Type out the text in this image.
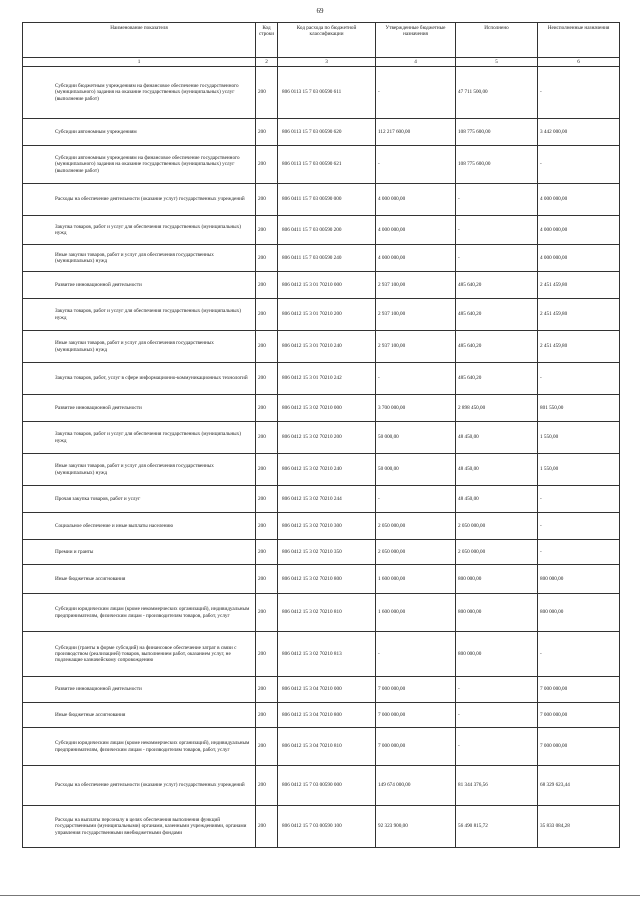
69
Наименование показателя	Код строки	Код расхода по бюджетной классификации	Утвержденные бюджетные назначения	Исполнено	Неисполненные назначения
1	2	3	4	5	6
Субсидии бюджетным учреждениям на финансовое обеспечение государственного (муниципального) задания на оказание государственных (муниципальных) услуг (выполнение работ)	200	806 0113 15 7 03 00590 611	-	47 711 500,00	-
Субсидии автономным учреждениям	200	806 0113 15 7 03 00590 620	112 217 600,00	108 775 600,00	3 442 000,00
Субсидии автономным учреждениям на финансовое обеспечение государственного (муниципального) задания на оказание государственных (муниципальных) услуг (выполнение работ)	200	806 0113 15 7 03 00590 621	-	108 775 600,00	-
Расходы на обеспечение деятельности (оказание услуг) государственных учреждений	200	806 0411 15 7 03 00590 000	4 000 000,00	-	4 000 000,00
Закупка товаров, работ и услуг для обеспечения государственных (муниципальных) нужд	200	806 0411 15 7 03 00590 200	4 000 000,00	-	4 000 000,00
Иные закупки товаров, работ и услуг для обеспечения государственных (муниципальных) нужд	200	806 0411 15 7 03 00590 240	4 000 000,00	-	4 000 000,00
Развитие инновационной деятельности	200	806 0412 15 3 01 70210 000	2 937 100,00	485 640,20	2 451 459,80
Закупка товаров, работ и услуг для обеспечения государственных (муниципальных) нужд	200	806 0412 15 3 01 70210 200	2 937 100,00	485 640,20	2 451 459,80
Иные закупки товаров, работ и услуг для обеспечения государственных (муниципальных) нужд	200	806 0412 15 3 01 70210 240	2 937 100,00	485 640,20	2 451 459,80
Закупка товаров, работ, услуг в сфере информационно-коммуникационных технологий	200	806 0412 15 3 01 70210 242	-	485 640,20	-
Развитие инновационной деятельности	200	806 0412 15 3 02 70210 000	3 700 000,00	2 898 450,00	801 550,00
Закупка товаров, работ и услуг для обеспечения государственных (муниципальных) нужд	200	806 0412 15 3 02 70210 200	50 000,00	48 450,00	1 550,00
Иные закупки товаров, работ и услуг для обеспечения государственных (муниципальных) нужд	200	806 0412 15 3 02 70210 240	50 000,00	48 450,00	1 550,00
Прочая закупка товаров, работ и услуг	200	806 0412 15 3 02 70210 244	-	48 450,00	-
Социальное обеспечение и иные выплаты населению	200	806 0412 15 3 02 70210 300	2 050 000,00	2 050 000,00	-
Премии и гранты	200	806 0412 15 3 02 70210 350	2 050 000,00	2 050 000,00	-
Иные бюджетные ассигнования	200	806 0412 15 3 02 70210 800	1 600 000,00	800 000,00	800 000,00
Субсидии юридическим лицам (кроме некоммерческих организаций), индивидуальным предпринимателям, физическим лицам - производителям товаров, работ, услуг	200	806 0412 15 3 02 70210 810	1 600 000,00	800 000,00	800 000,00
Субсидии (гранты в форме субсидий) на финансовое обеспечение затрат в связи с производством (реализацией) товаров, выполнением работ, оказанием услуг, не подлежащие казначейскому сопровождению	200	806 0412 15 3 02 70210 813	-	800 000,00	-
Развитие инновационной деятельности	200	806 0412 15 3 04 70210 000	7 000 000,00	-	7 000 000,00
Иные бюджетные ассигнования	200	806 0412 15 3 04 70210 800	7 000 000,00	-	7 000 000,00
Субсидии юридическим лицам (кроме некоммерческих организаций), индивидуальным предпринимателям, физическим лицам - производителям товаров, работ, услуг	200	806 0412 15 3 04 70210 810	7 000 000,00	-	7 000 000,00
Расходы на обеспечение деятельности (оказание услуг) государственных учреждений	200	806 0412 15 7 03 00590 000	149 674 000,00	81 344 376,56	68 329 623,44
Расходы на выплаты персоналу в целях обеспечения выполнения функций государственными (муниципальными) органами, казенными учреждениями, органами управления государственными внебюджетными фондами	200	806 0412 15 7 03 00590 100	92 323 900,00	56 490 815,72	35 833 084,28
